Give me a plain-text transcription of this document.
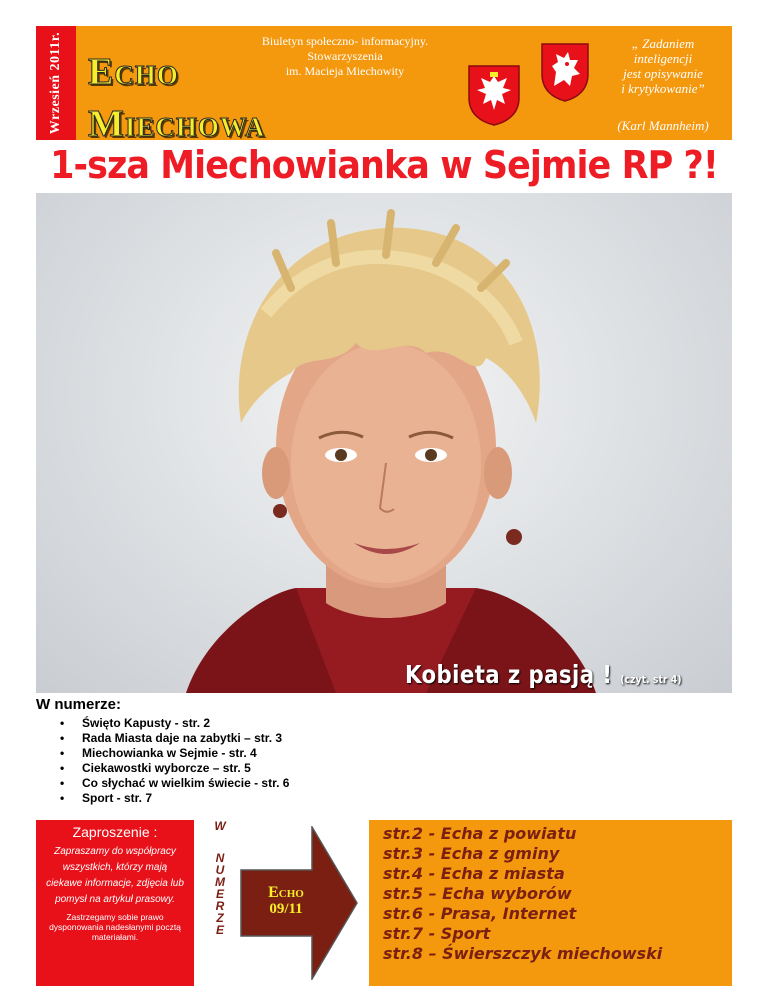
Wrzesień 2011r. Echo
Miechowa
Biuletyn społeczno- informacyjny.
Stowarzyszenia
im. Macieja Miechowity
„ Zadaniem
inteligencji
jest opisywanie
i krytykowanie”
(Karl Mannheim)
1-sza Miechowianka w Sejmie RP ?!
Kobieta z pasją ! (czyt. str 4)
W numerze:
• Święto Kapusty - str. 2
• Rada Miasta daje na zabytki – str. 3
• Miechowianka w Sejmie - str. 4
• Ciekawostki wyborcze – str. 5
• Co słychać w wielkim świecie - str. 6
• Sport - str. 7
Zaproszenie :

Zapraszamy do współpracy wszystkich, którzy mają ciekawe informacje, zdjęcia lub pomysł na artykuł prasowy.

Zastrzegamy sobie prawo dysponowania nadesłanymi pocztą materiałami.

W
N
U
M
E
R
Z
E
Echo
09/11
str.2 - Echa z powiatu
str.3 - Echa z gminy
str.4 - Echa z miasta
str.5 – Echa wyborów
str.6 - Prasa, Internet
str.7 - Sport
str.8 – Świerszczyk miechowski
